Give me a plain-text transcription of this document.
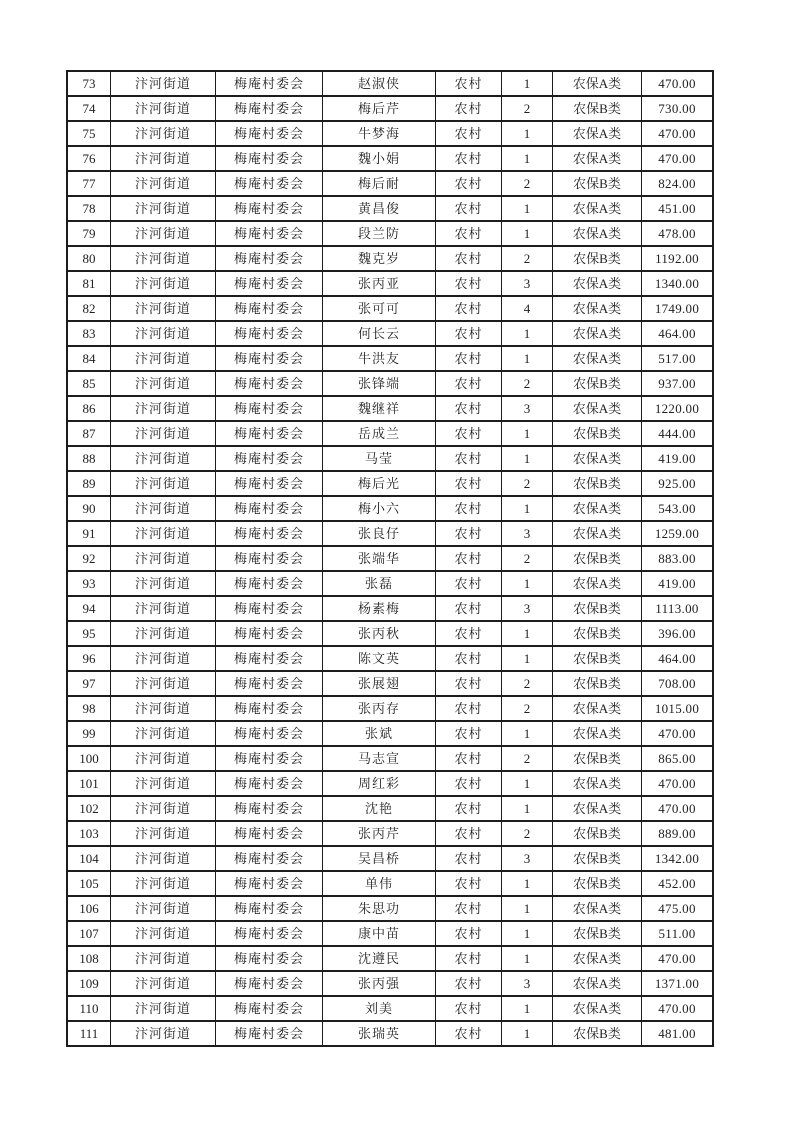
73	汴河街道	梅庵村委会	赵淑侠	农村	1	农保A类	470.00
74	汴河街道	梅庵村委会	梅后芹	农村	2	农保B类	730.00
75	汴河街道	梅庵村委会	牛梦海	农村	1	农保A类	470.00
76	汴河街道	梅庵村委会	魏小娟	农村	1	农保A类	470.00
77	汴河街道	梅庵村委会	梅后耐	农村	2	农保B类	824.00
78	汴河街道	梅庵村委会	黄昌俊	农村	1	农保A类	451.00
79	汴河街道	梅庵村委会	段兰防	农村	1	农保A类	478.00
80	汴河街道	梅庵村委会	魏克岁	农村	2	农保B类	1192.00
81	汴河街道	梅庵村委会	张丙亚	农村	3	农保A类	1340.00
82	汴河街道	梅庵村委会	张可可	农村	4	农保A类	1749.00
83	汴河街道	梅庵村委会	何长云	农村	1	农保A类	464.00
84	汴河街道	梅庵村委会	牛洪友	农村	1	农保A类	517.00
85	汴河街道	梅庵村委会	张锋端	农村	2	农保B类	937.00
86	汴河街道	梅庵村委会	魏继祥	农村	3	农保A类	1220.00
87	汴河街道	梅庵村委会	岳成兰	农村	1	农保B类	444.00
88	汴河街道	梅庵村委会	马莹	农村	1	农保A类	419.00
89	汴河街道	梅庵村委会	梅后光	农村	2	农保B类	925.00
90	汴河街道	梅庵村委会	梅小六	农村	1	农保A类	543.00
91	汴河街道	梅庵村委会	张良仔	农村	3	农保A类	1259.00
92	汴河街道	梅庵村委会	张端华	农村	2	农保B类	883.00
93	汴河街道	梅庵村委会	张磊	农村	1	农保A类	419.00
94	汴河街道	梅庵村委会	杨素梅	农村	3	农保B类	1113.00
95	汴河街道	梅庵村委会	张丙秋	农村	1	农保B类	396.00
96	汴河街道	梅庵村委会	陈文英	农村	1	农保B类	464.00
97	汴河街道	梅庵村委会	张展翅	农村	2	农保B类	708.00
98	汴河街道	梅庵村委会	张丙存	农村	2	农保A类	1015.00
99	汴河街道	梅庵村委会	张斌	农村	1	农保A类	470.00
100	汴河街道	梅庵村委会	马志宣	农村	2	农保B类	865.00
101	汴河街道	梅庵村委会	周红彩	农村	1	农保A类	470.00
102	汴河街道	梅庵村委会	沈艳	农村	1	农保A类	470.00
103	汴河街道	梅庵村委会	张丙芹	农村	2	农保B类	889.00
104	汴河街道	梅庵村委会	吴昌桥	农村	3	农保B类	1342.00
105	汴河街道	梅庵村委会	单伟	农村	1	农保B类	452.00
106	汴河街道	梅庵村委会	朱思功	农村	1	农保A类	475.00
107	汴河街道	梅庵村委会	康中苗	农村	1	农保B类	511.00
108	汴河街道	梅庵村委会	沈遵民	农村	1	农保A类	470.00
109	汴河街道	梅庵村委会	张丙强	农村	3	农保A类	1371.00
110	汴河街道	梅庵村委会	刘美	农村	1	农保A类	470.00
111	汴河街道	梅庵村委会	张瑞英	农村	1	农保B类	481.00
